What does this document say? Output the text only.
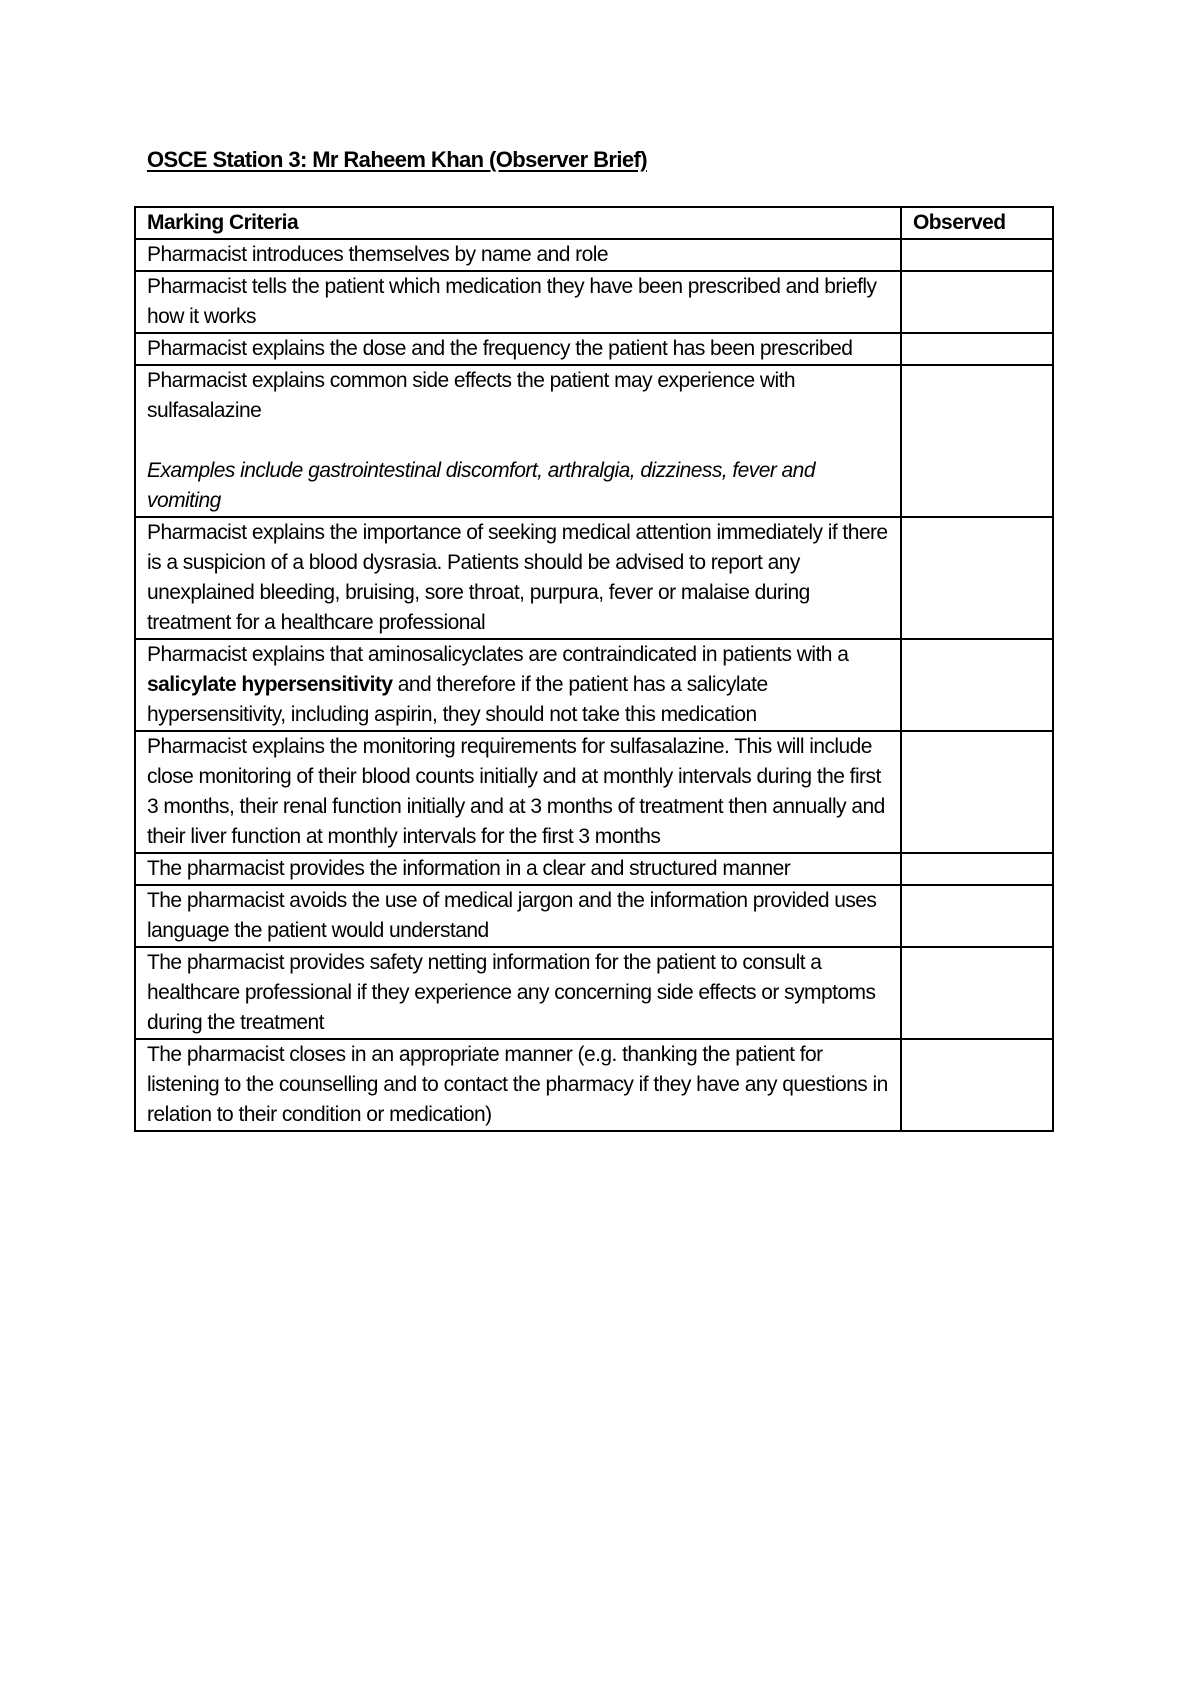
OSCE Station 3: Mr Raheem Khan (Observer Brief)
Marking Criteria	Observed
Pharmacist introduces themselves by name and role	
Pharmacist tells the patient which medication they have been prescribed and briefly how it works	
Pharmacist explains the dose and the frequency the patient has been prescribed	

Pharmacist explains common side effects the patient may experience with sulfasalazine
Examples include gastrointestinal discomfort, arthralgia, dizziness, fever and vomiting	

Pharmacist explains the importance of seeking medical attention immediately if there is a suspicion of a blood dysrasia. Patients should be advised to report any unexplained bleeding, bruising, sore throat, purpura, fever or malaise during treatment for a healthcare professional	
Pharmacist explains that aminosalicyclates are contraindicated in patients with a salicylate hypersensitivity and therefore if the patient has a salicylate hypersensitivity, including aspirin, they should not take this medication	
Pharmacist explains the monitoring requirements for sulfasalazine. This will include close monitoring of their blood counts initially and at monthly intervals during the first 3 months, their renal function initially and at 3 months of treatment then annually and their liver function at monthly intervals for the first 3 months	
The pharmacist provides the information in a clear and structured manner	
The pharmacist avoids the use of medical jargon and the information provided uses language the patient would understand	
The pharmacist provides safety netting information for the patient to consult a healthcare professional if they experience any concerning side effects or symptoms during the treatment	
The pharmacist closes in an appropriate manner (e.g. thanking the patient for listening to the counselling and to contact the pharmacy if they have any questions in relation to their condition or medication)	
